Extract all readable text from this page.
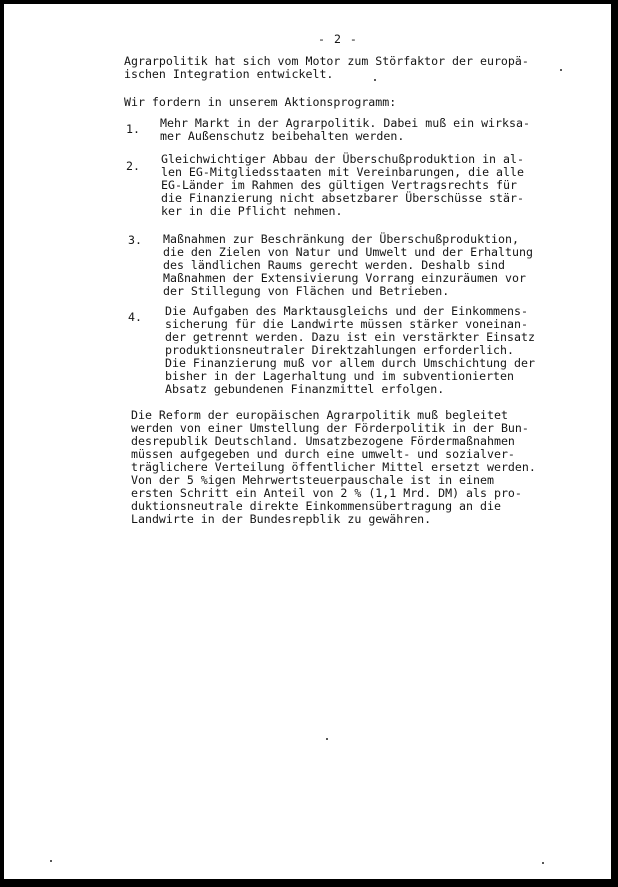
- 2 -
Agrarpolitik hat sich vom Motor zum Störfaktor der europä-
ischen Integration entwickelt.
Wir fordern in unserem Aktionsprogramm:
1. Mehr Markt in der Agrarpolitik. Dabei muß ein wirksa-
mer Außenschutz beibehalten werden.
2. Gleichwichtiger Abbau der Überschußproduktion in al-
len EG-Mitgliedsstaaten mit Vereinbarungen, die alle
EG-Länder im Rahmen des gültigen Vertragsrechts für
die Finanzierung nicht absetzbarer Überschüsse stär-
ker in die Pflicht nehmen.
3. Maßnahmen zur Beschränkung der Überschußproduktion,
die den Zielen von Natur und Umwelt und der Erhaltung
des ländlichen Raums gerecht werden. Deshalb sind
Maßnahmen der Extensivierung Vorrang einzuräumen vor
der Stillegung von Flächen und Betrieben.
4. Die Aufgaben des Marktausgleichs und der Einkommens-
sicherung für die Landwirte müssen stärker voneinan-
der getrennt werden. Dazu ist ein verstärkter Einsatz
produktionsneutraler Direktzahlungen erforderlich.
Die Finanzierung muß vor allem durch Umschichtung der
bisher in der Lagerhaltung und im subventionierten
Absatz gebundenen Finanzmittel erfolgen.
Die Reform der europäischen Agrarpolitik muß begleitet
werden von einer Umstellung der Förderpolitik in der Bun-
desrepublik Deutschland. Umsatzbezogene Fördermaßnahmen
müssen aufgegeben und durch eine umwelt- und sozialver-
träglichere Verteilung öffentlicher Mittel ersetzt werden.
Von der 5 %igen Mehrwertsteuerpauschale ist in einem
ersten Schritt ein Anteil von 2 % (1,1 Mrd. DM) als pro-
duktionsneutrale direkte Einkommensübertragung an die
Landwirte in der Bundesrepblik zu gewähren.
